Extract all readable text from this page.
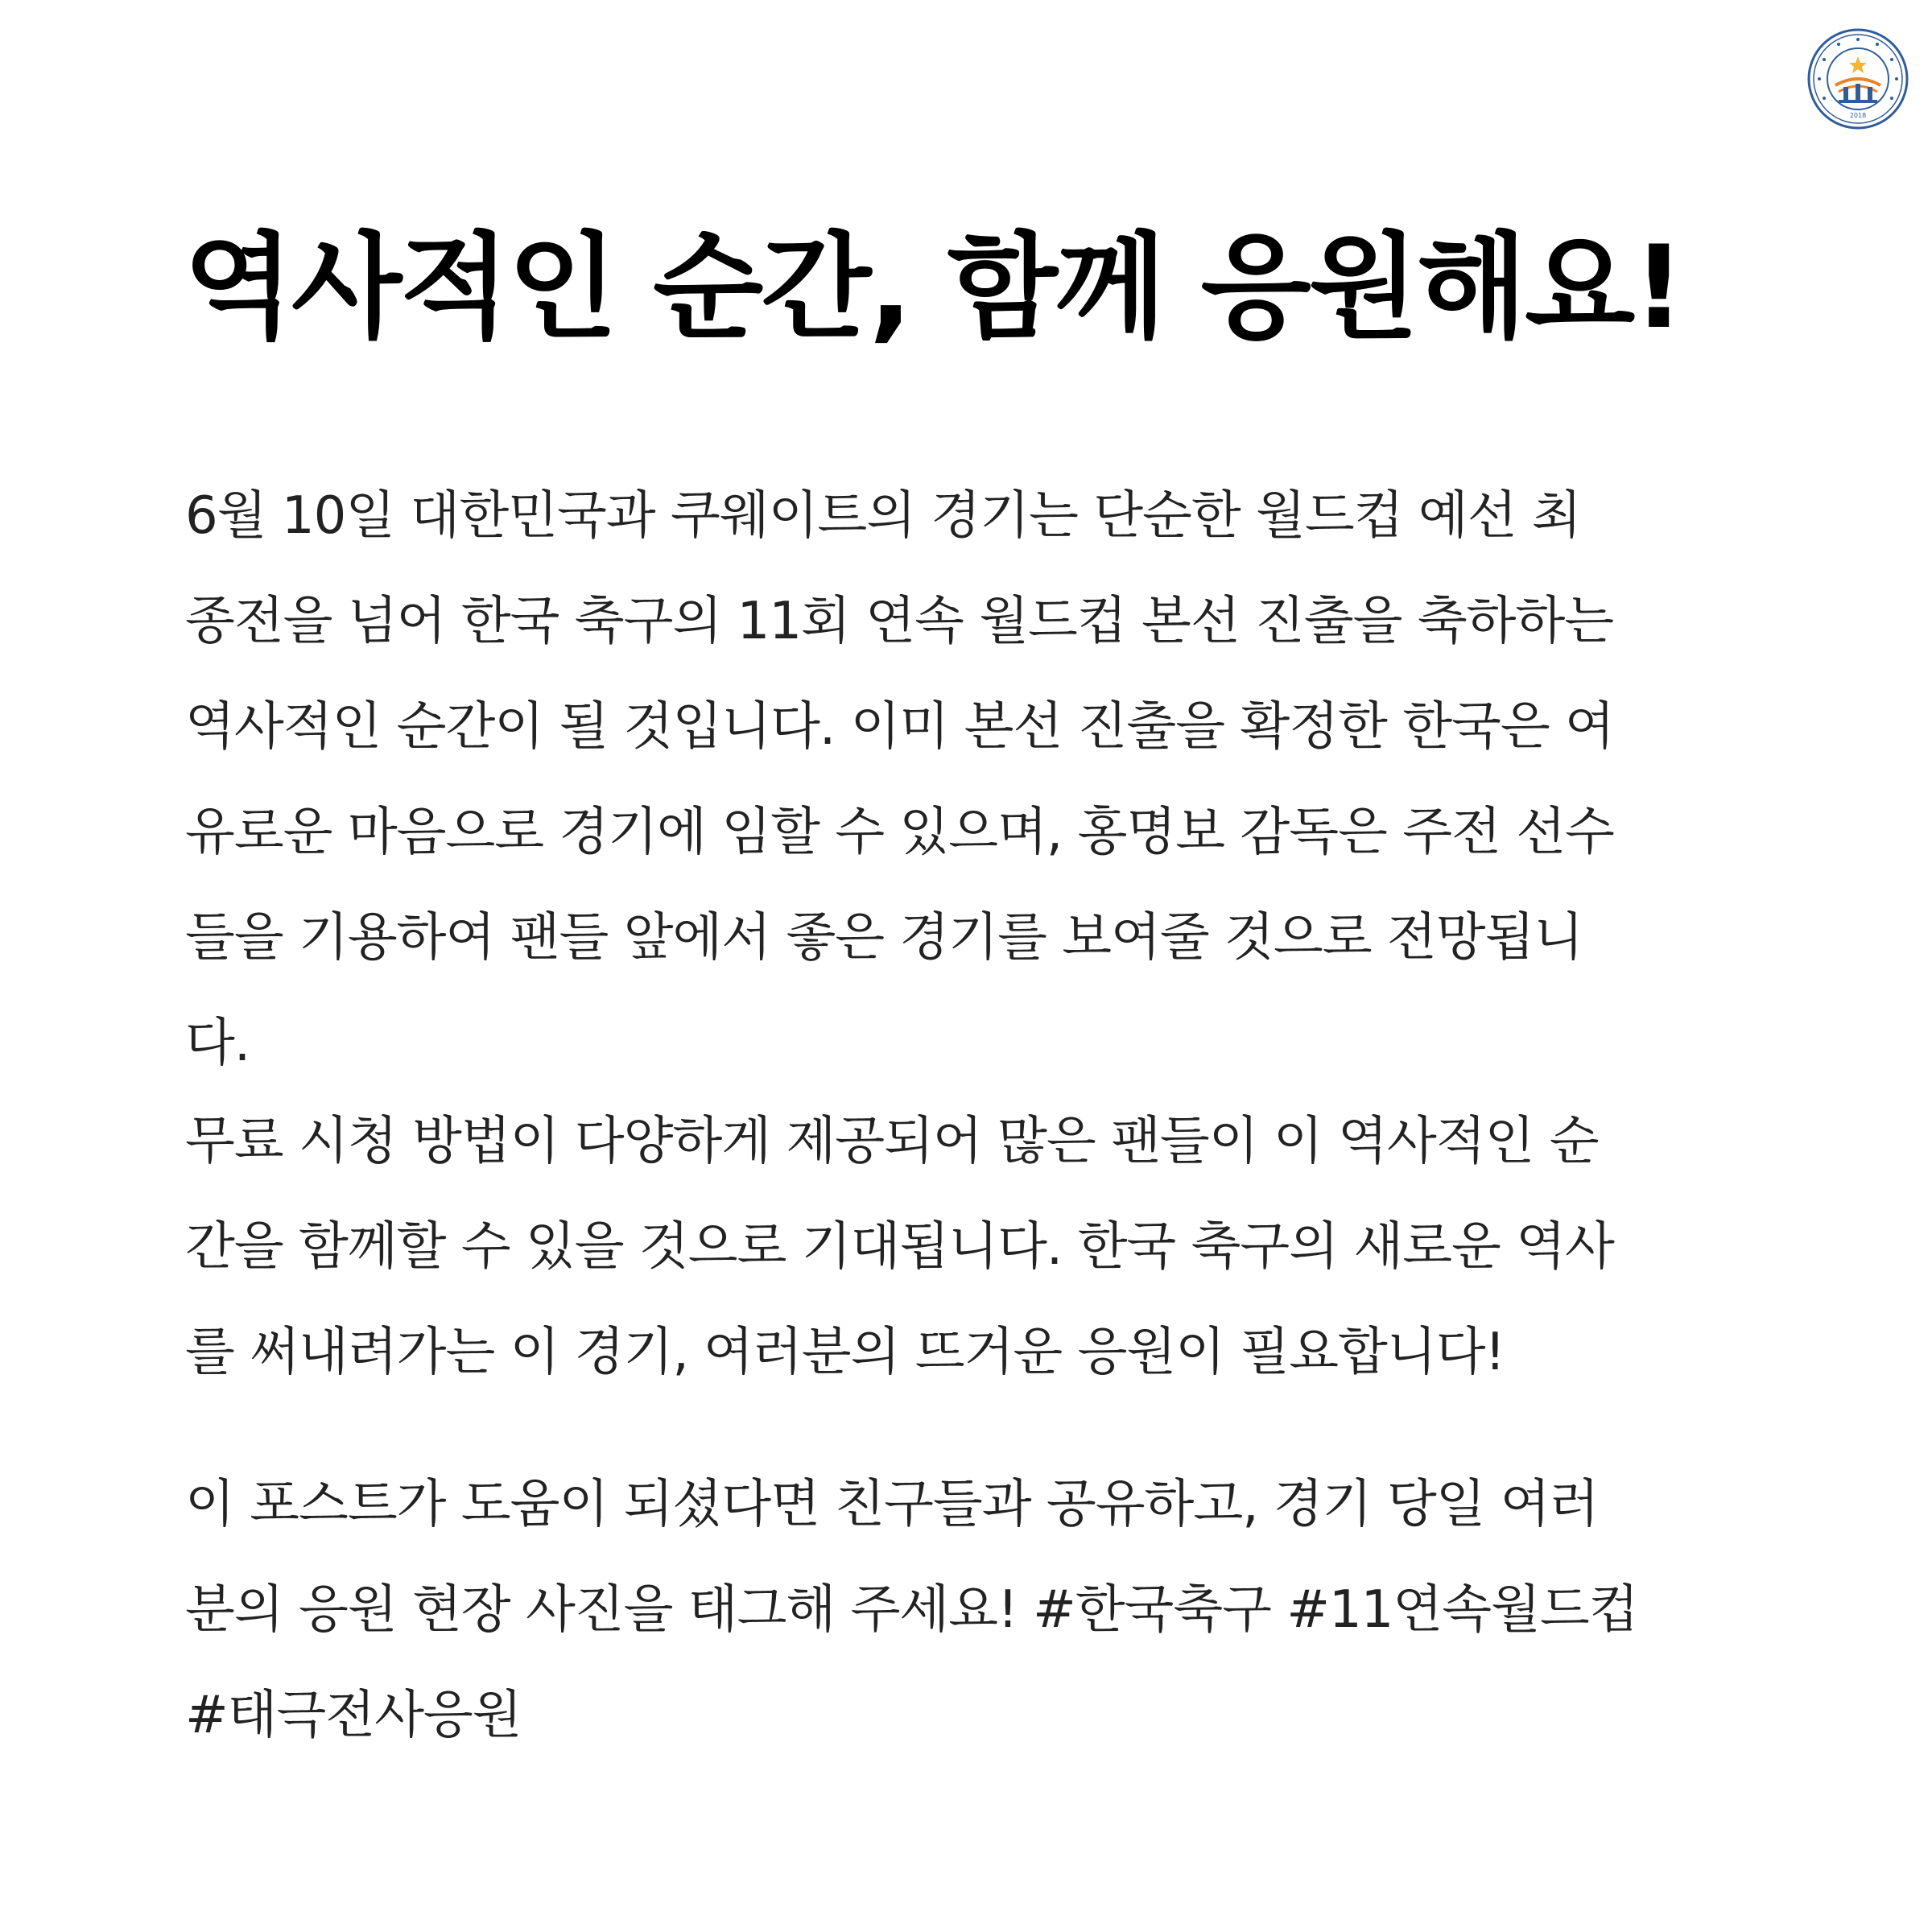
2018
역사적인 순간, 함께 응원해요!

6월 10일 대한민국과 쿠웨이트의 경기는 단순한 월드컵 예선 최
종전을 넘어 한국 축구의 11회 연속 월드컵 본선 진출을 축하하는
역사적인 순간이 될 것입니다. 이미 본선 진출을 확정한 한국은 여
유로운 마음으로 경기에 임할 수 있으며, 홍명보 감독은 주전 선수
들을 기용하여 팬들 앞에서 좋은 경기를 보여줄 것으로 전망됩니
다.

무료 시청 방법이 다양하게 제공되어 많은 팬들이 이 역사적인 순
간을 함께할 수 있을 것으로 기대됩니다. 한국 축구의 새로운 역사
를 써내려가는 이 경기, 여러분의 뜨거운 응원이 필요합니다!

이 포스트가 도움이 되셨다면 친구들과 공유하고, 경기 당일 여러
분의 응원 현장 사진을 태그해 주세요! #한국축구 #11연속월드컵
#태극전사응원
